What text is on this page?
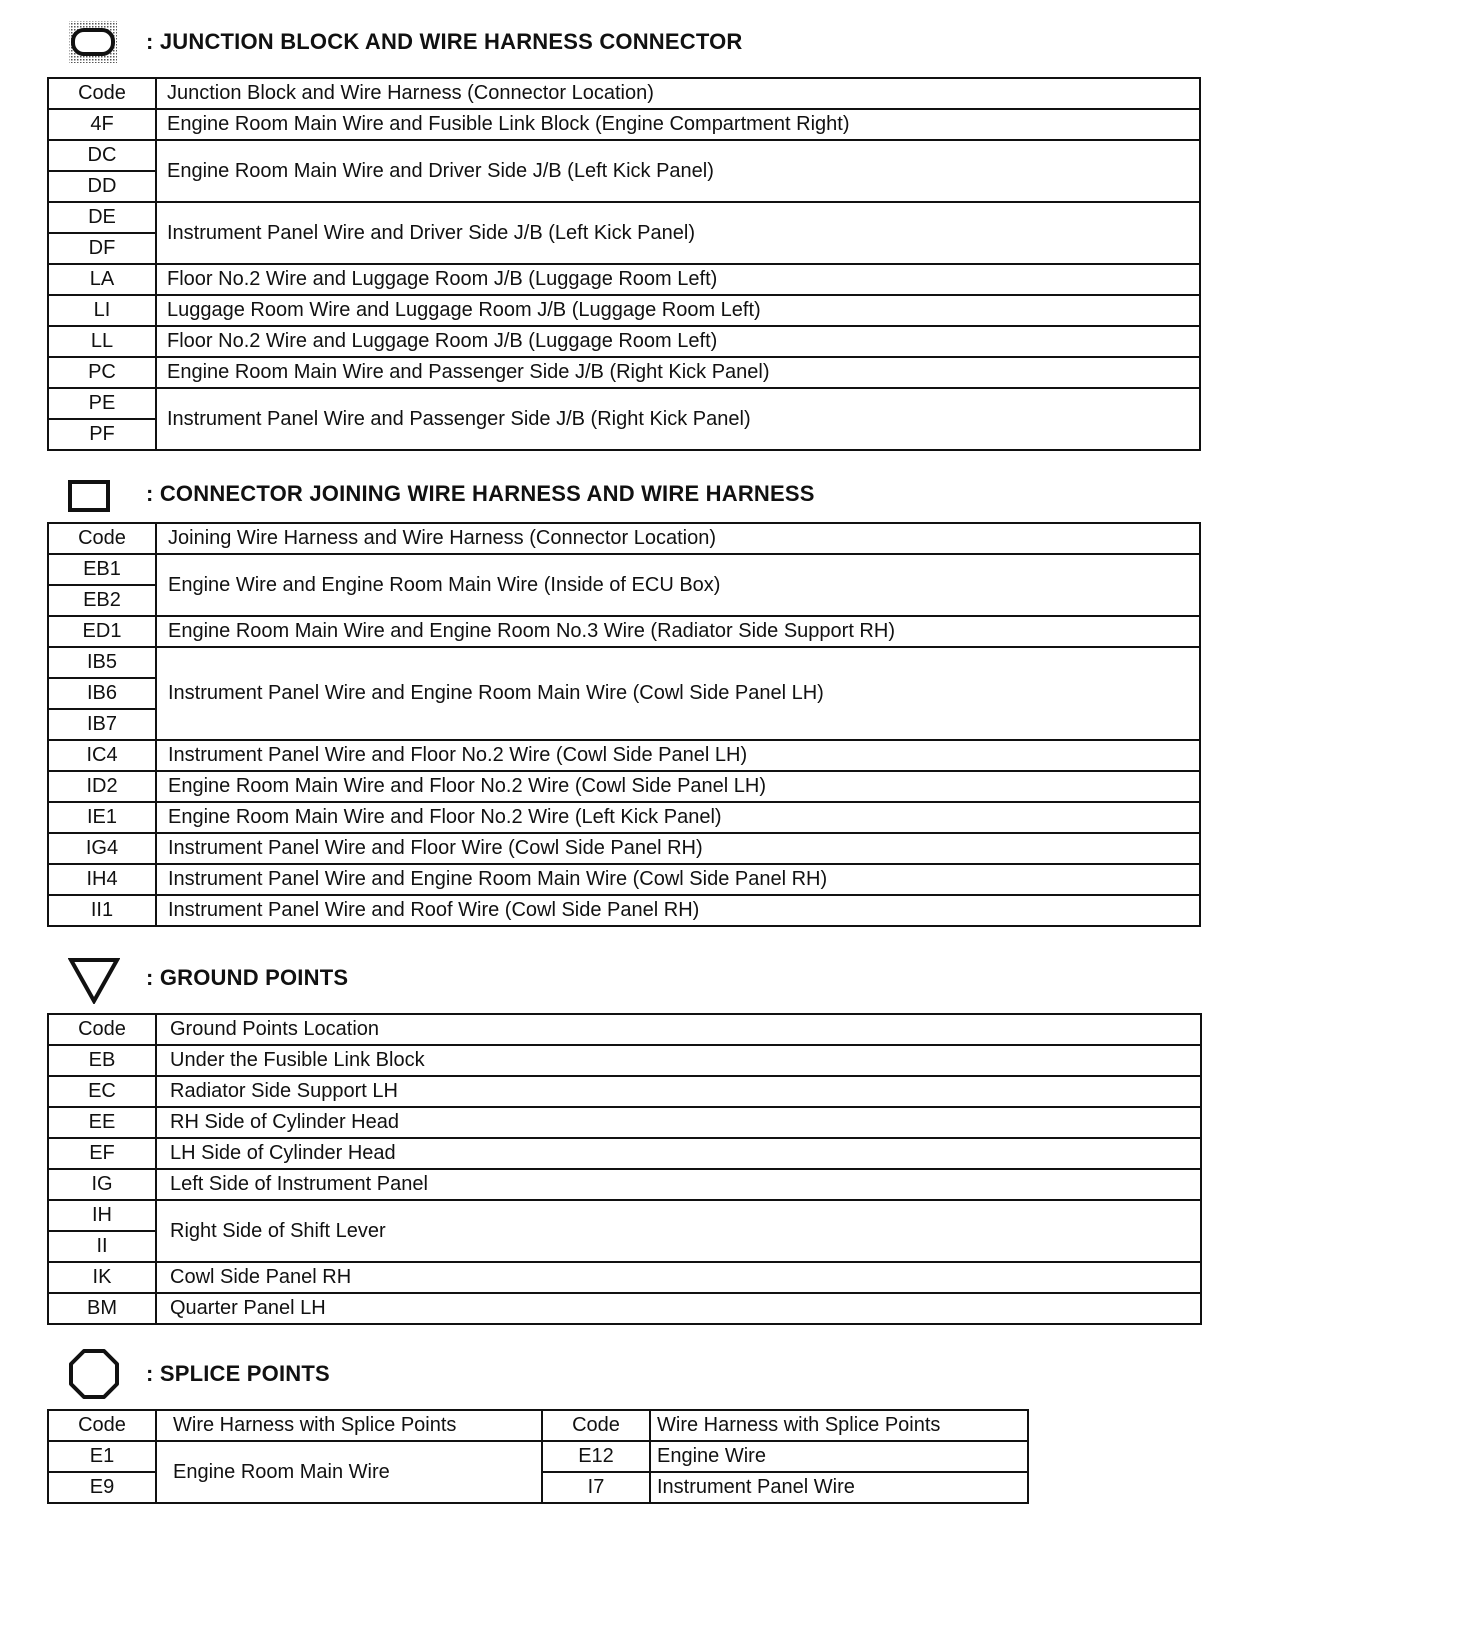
: JUNCTION BLOCK AND WIRE HARNESS CONNECTOR
Code	Junction Block and Wire Harness (Connector Location)
4F	Engine Room Main Wire and Fusible Link Block (Engine Compartment Right)
DC	Engine Room Main Wire and Driver Side J/B (Left Kick Panel)
DD	
DE	Instrument Panel Wire and Driver Side J/B (Left Kick Panel)
DF	
LA	Floor No.2 Wire and Luggage Room J/B (Luggage Room Left)
LI	Luggage Room Wire and Luggage Room J/B (Luggage Room Left)
LL	Floor No.2 Wire and Luggage Room J/B (Luggage Room Left)
PC	Engine Room Main Wire and Passenger Side J/B (Right Kick Panel)
PE	Instrument Panel Wire and Passenger Side J/B (Right Kick Panel)
PF	
: CONNECTOR JOINING WIRE HARNESS AND WIRE HARNESS
Code	Joining Wire Harness and Wire Harness (Connector Location)
EB1	Engine Wire and Engine Room Main Wire (Inside of ECU Box)
EB2	
ED1	Engine Room Main Wire and Engine Room No.3 Wire (Radiator Side Support RH)
IB5	Instrument Panel Wire and Engine Room Main Wire (Cowl Side Panel LH)
IB6	
IB7	
IC4	Instrument Panel Wire and Floor No.2 Wire (Cowl Side Panel LH)
ID2	Engine Room Main Wire and Floor No.2 Wire (Cowl Side Panel LH)
IE1	Engine Room Main Wire and Floor No.2 Wire (Left Kick Panel)
IG4	Instrument Panel Wire and Floor Wire (Cowl Side Panel RH)
IH4	Instrument Panel Wire and Engine Room Main Wire (Cowl Side Panel RH)
II1	Instrument Panel Wire and Roof Wire (Cowl Side Panel RH)
: GROUND POINTS
Code	Ground Points Location
EB	Under the Fusible Link Block
EC	Radiator Side Support LH
EE	RH Side of Cylinder Head
EF	LH Side of Cylinder Head
IG	Left Side of Instrument Panel
IH	Right Side of Shift Lever
II	
IK	Cowl Side Panel RH
BM	Quarter Panel LH
: SPLICE POINTS
Code	Wire Harness with Splice Points	Code	Wire Harness with Splice Points
E1	Engine Room Main Wire	E12	Engine Wire
E9		I7	Instrument Panel Wire
